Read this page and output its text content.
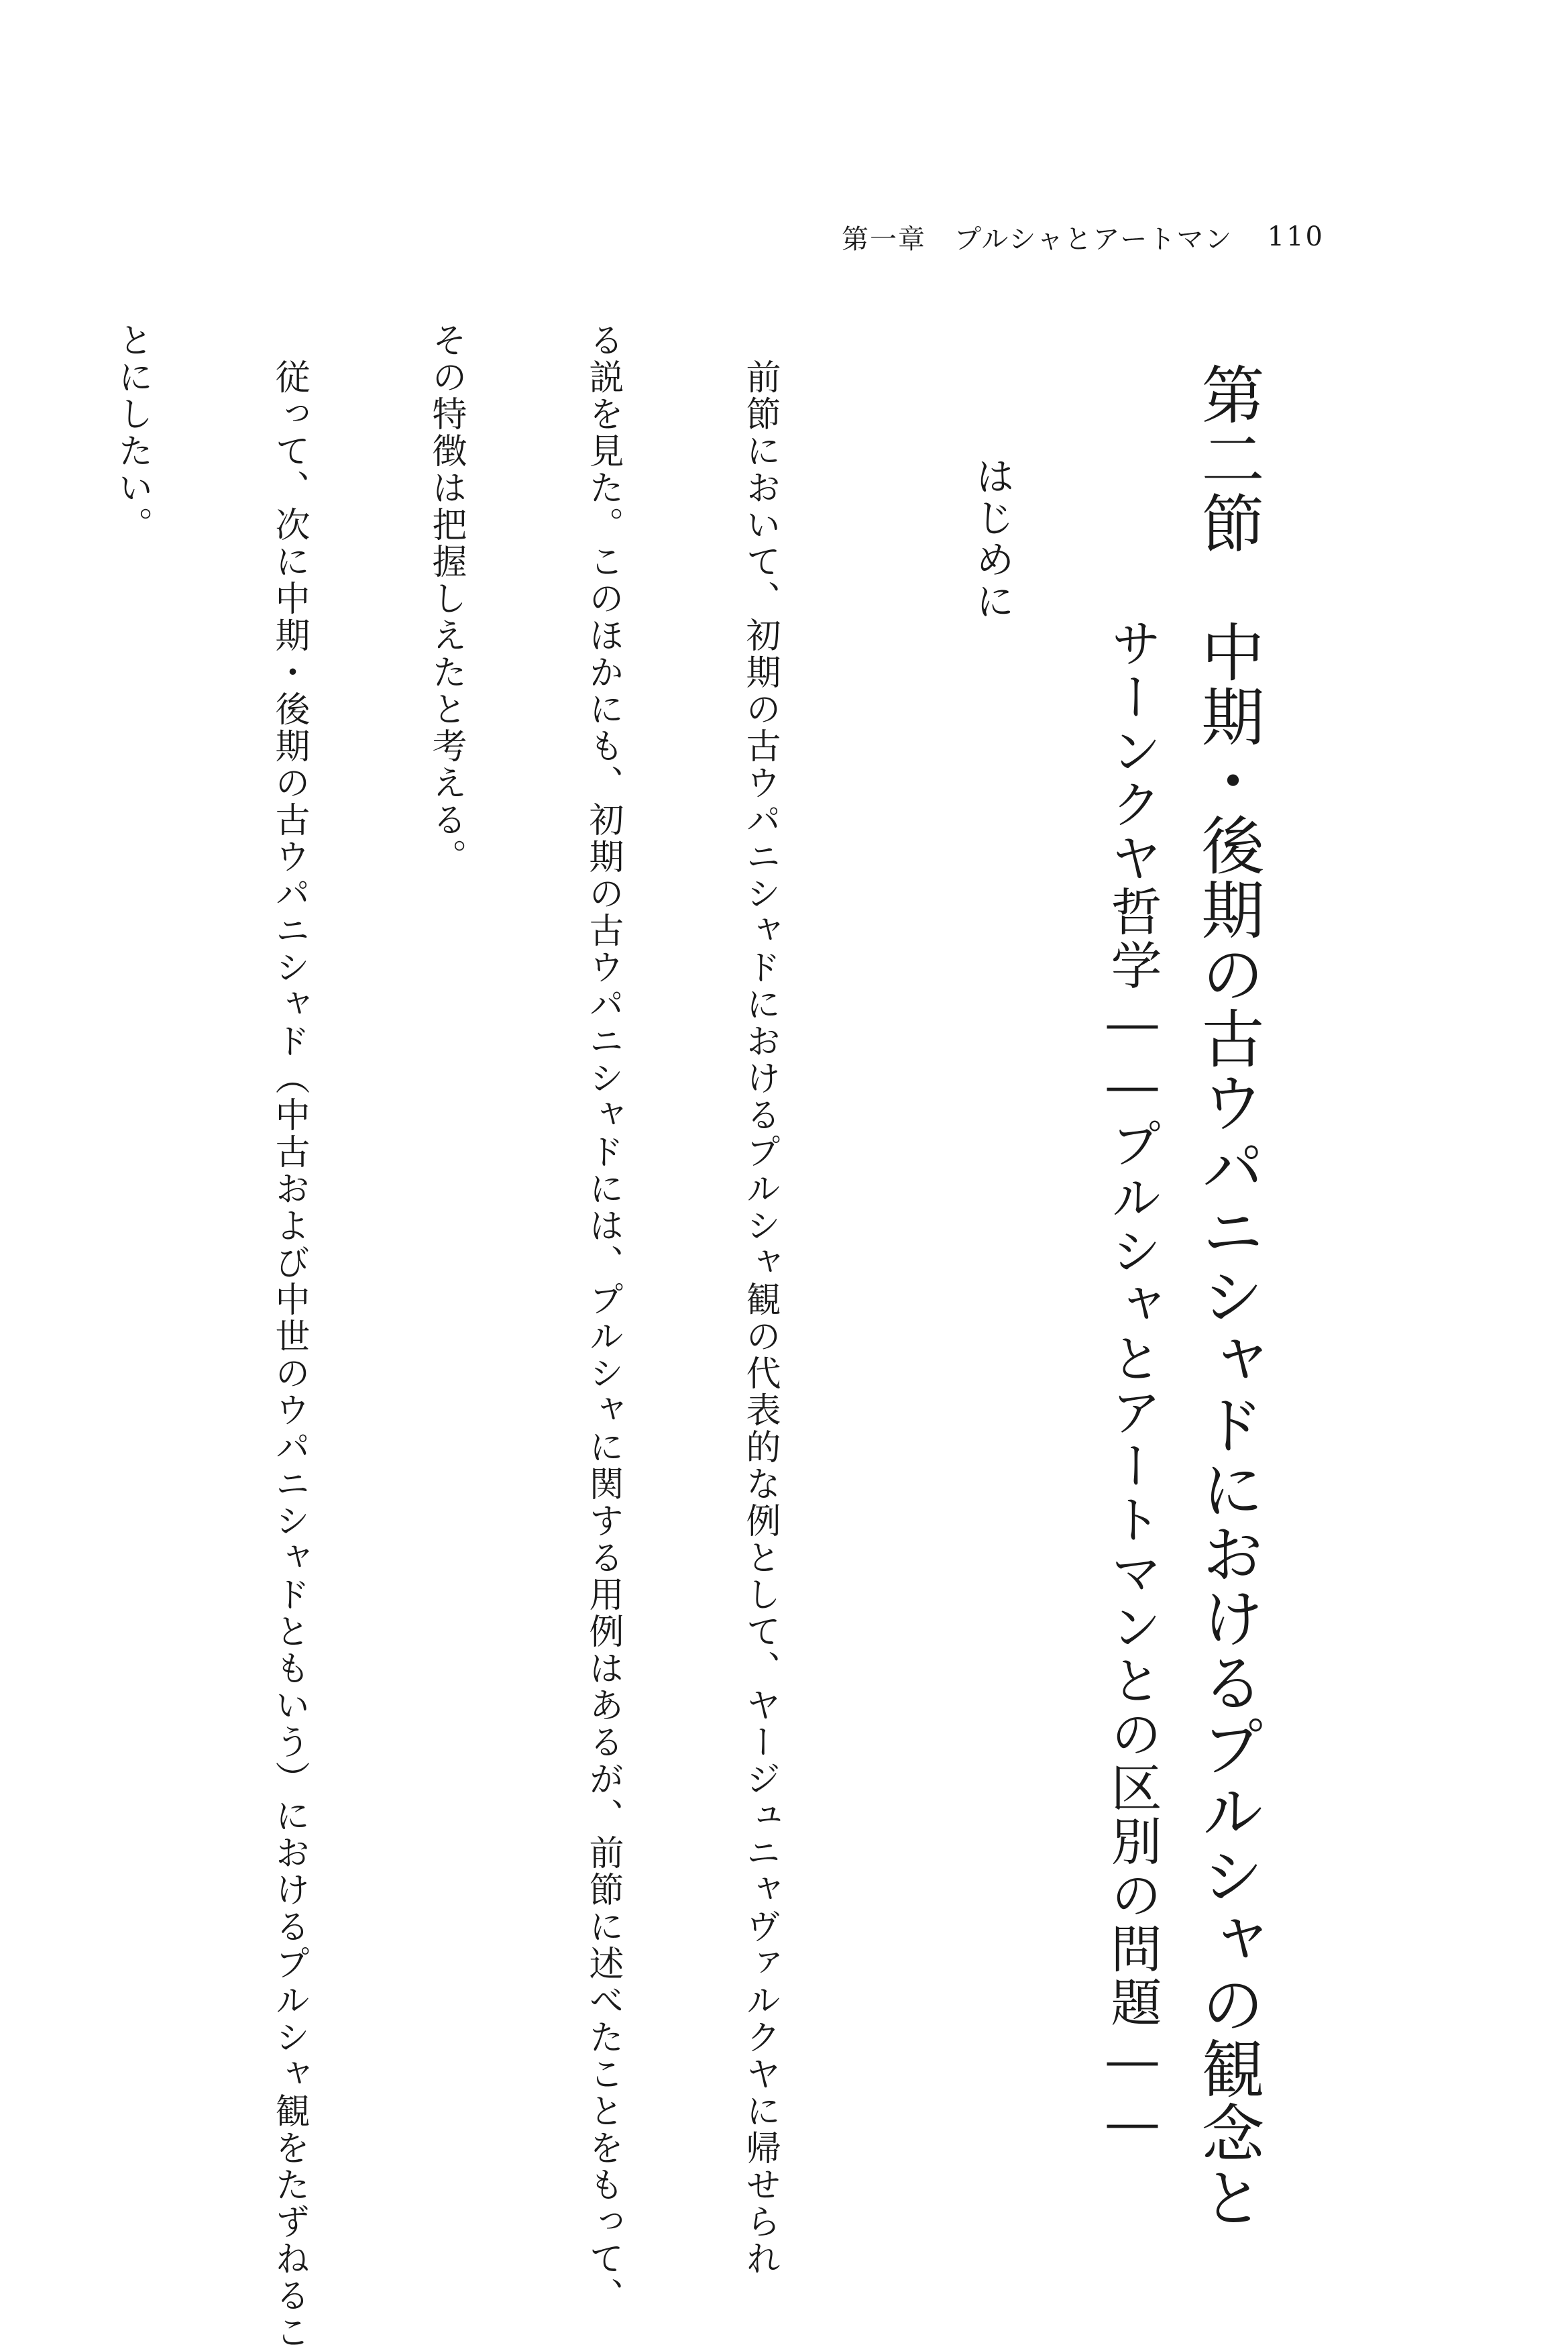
第一章　プルシャとアートマン 110
第二節　中期・後期の古ウパニシャドにおけるプルシャの観念と
サーンクヤ哲学――プルシャとアートマンとの区別の問題――
はじめに

　前節において、初期の古ウパニシャドにおけるプルシャ観の代表的な例として、ヤージュニャヴァルクヤに帰せられ

る説を見た。このほかにも、初期の古ウパニシャドには、プルシャに関する用例はあるが、前節に述べたことをもって、

その特徴は把握しえたと考える。

　従って、次に中期・後期の古ウパニシャド（中古および中世のウパニシャドともいう）におけるプルシャ観をたずねるこ

とにしたい。
